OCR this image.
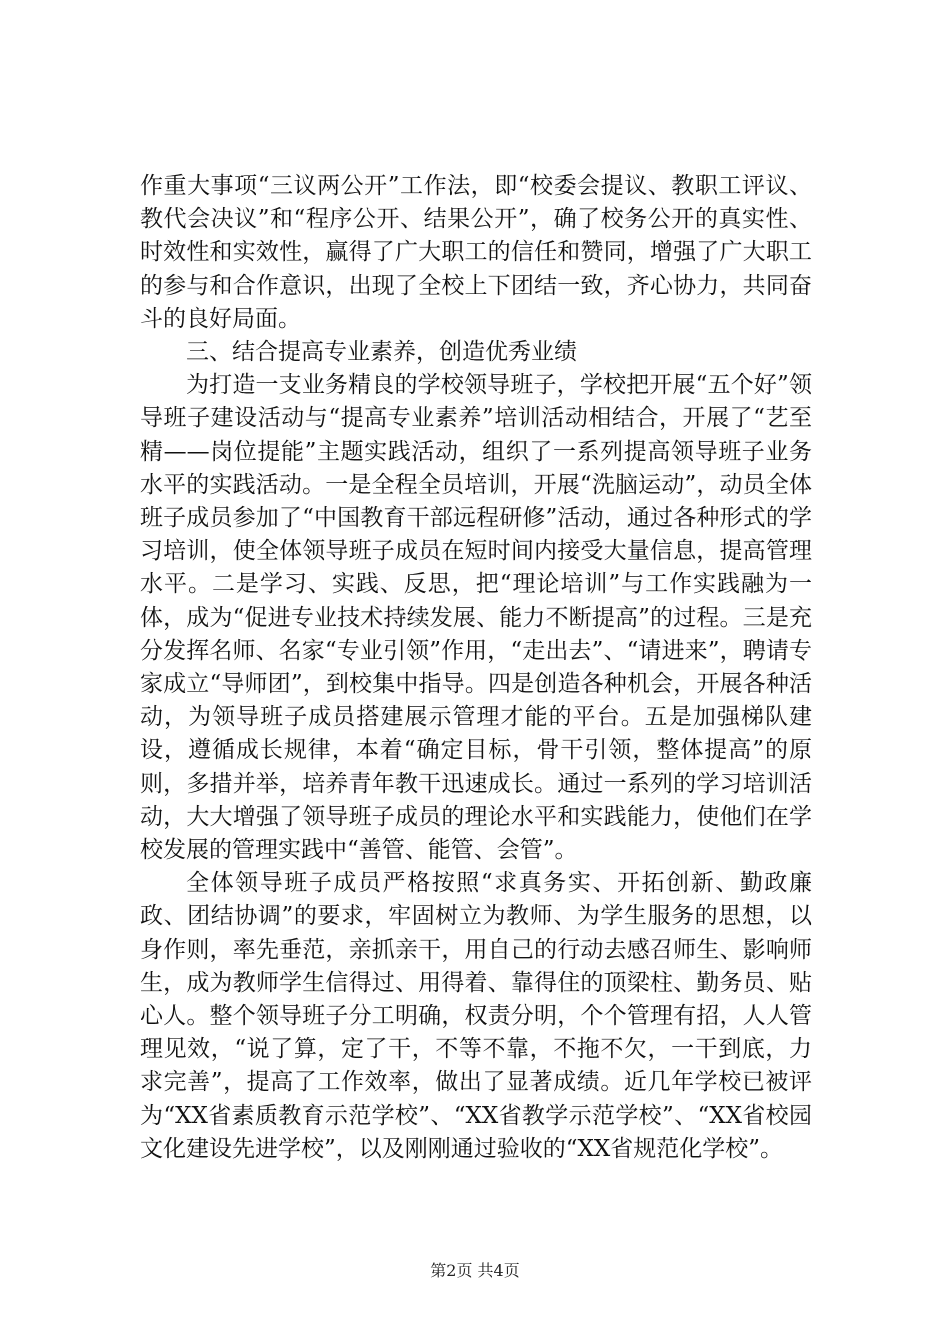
作重大事项“三议两公开”工作法，即“校委会提议、教职工评议、教代会决议”和“程序公开、结果公开”，确了校务公开的真实性、时效性和实效性，赢得了广大职工的信任和赞同，增强了广大职工的参与和合作意识，出现了全校上下团结一致，齐心协力，共同奋斗的良好局面。

三、结合提高专业素养，创造优秀业绩

为打造一支业务精良的学校领导班子，学校把开展“五个好”领导班子建设活动与“提高专业素养”培训活动相结合，开展了“艺至精——岗位提能”主题实践活动，组织了一系列提高领导班子业务水平的实践活动。一是全程全员培训，开展“洗脑运动”，动员全体班子成员参加了“中国教育干部远程研修”活动，通过各种形式的学习培训，使全体领导班子成员在短时间内接受大量信息，提高管理水平。二是学习、实践、反思，把“理论培训”与工作实践融为一体，成为“促进专业技术持续发展、能力不断提高”的过程。三是充分发挥名师、名家“专业引领”作用，“走出去”、“请进来”，聘请专家成立“导师团”，到校集中指导。四是创造各种机会，开展各种活动，为领导班子成员搭建展示管理才能的平台。五是加强梯队建设，遵循成长规律，本着“确定目标，骨干引领，整体提高”的原则，多措并举，培养青年教干迅速成长。通过一系列的学习培训活动，大大增强了领导班子成员的理论水平和实践能力，使他们在学校发展的管理实践中“善管、能管、会管”。

全体领导班子成员严格按照“求真务实、开拓创新、勤政廉政、团结协调”的要求，牢固树立为教师、为学生服务的思想，以身作则，率先垂范，亲抓亲干，用自己的行动去感召师生、影响师生，成为教师学生信得过、用得着、靠得住的顶梁柱、勤务员、贴心人。整个领导班子分工明确，权责分明，个个管理有招，人人管理见效，“说了算，定了干，不等不靠，不拖不欠，一干到底，力求完善”，提高了工作效率，做出了显著成绩。近几年学校已被评为“XX省素质教育示范学校”、“XX省教学示范学校”、“XX省校园文化建设先进学校”，以及刚刚通过验收的“XX省规范化学校”。

第2页 共4页
